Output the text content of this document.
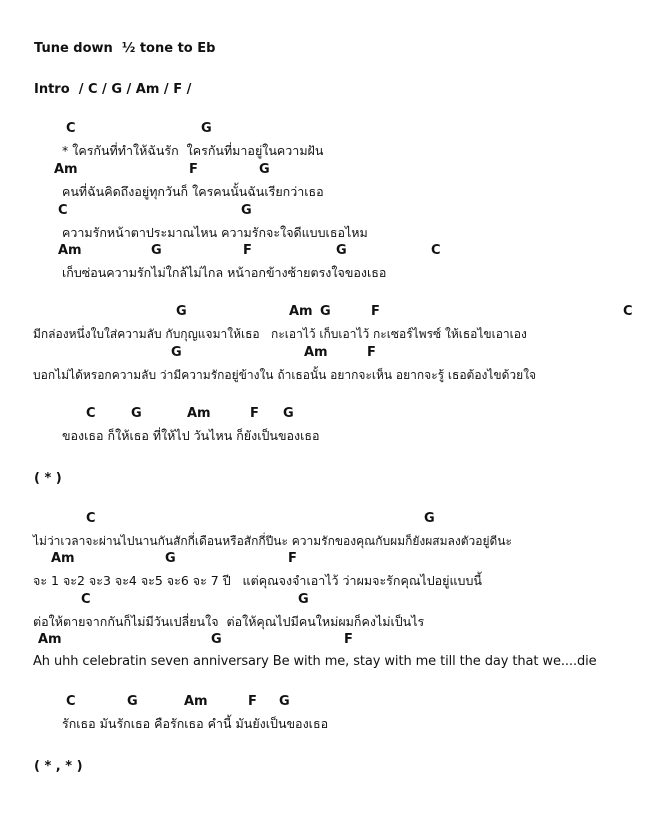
Tune down  ½ tone to Eb
Intro  / C / G / Am / F /
C	G
* ใครกันที่ทำให้ฉันรัก  ใครกันที่มาอยู่ในความฝัน
Am	F	G
คนที่ฉันคิดถึงอยู่ทุกวันก็ ใครคนนั้นฉันเรียกว่าเธอ
C	G
ความรักหน้าตาประมาณไหน ความรักจะใจดีแบบเธอไหม
Am	G	F	G	C
เก็บซ่อนความรักไม่ใกล้ไม่ไกล หน้าอกข้างซ้ายตรงใจของเธอ
G	Am G	F	C
มีกล่องหนึ่งใบใส่ความลับ กับกุญแจมาให้เธอ   กะเอาไว้ เก็บเอาไว้ กะเซอร์ไพรซ์ ให้เธอไขเอาเอง
G	Am	F
บอกไม่ได้หรอกความลับ ว่ามีความรักอยู่ข้างใน ถ้าเธอนั้น อยากจะเห็น อยากจะรู้ เธอต้องไขด้วยใจ
C	G	Am	F G
ของเธอ ก็ให้เธอ ที่ให้ไป วันไหน ก็ยังเป็นของเธอ
( * )
C	G
ไม่ว่าเวลาจะผ่านไปนานกันสักกี่เดือนหรือสักกี่ปีนะ ความรักของคุณกับผมก็ยังผสมลงตัวอยู่ดีนะ
Am	G	F
จะ 1 จะ2 จะ3 จะ4 จะ5 จะ6 จะ 7 ปี   แต่คุณจงจำเอาไว้ ว่าผมจะรักคุณไปอยู่แบบนี้
C	G
ต่อให้ตายจากกันก็ไม่มีวันเปลี่ยนใจ  ต่อให้คุณไปมีคนใหม่ผมก็คงไม่เป็นไร
Am	G	F
Ah uhh celebratin seven anniversary Be with me, stay with me till the day that we....die
C	G	Am	F G
รักเธอ มันรักเธอ คือรักเธอ คำนี้ มันยังเป็นของเธอ
( * , * )
